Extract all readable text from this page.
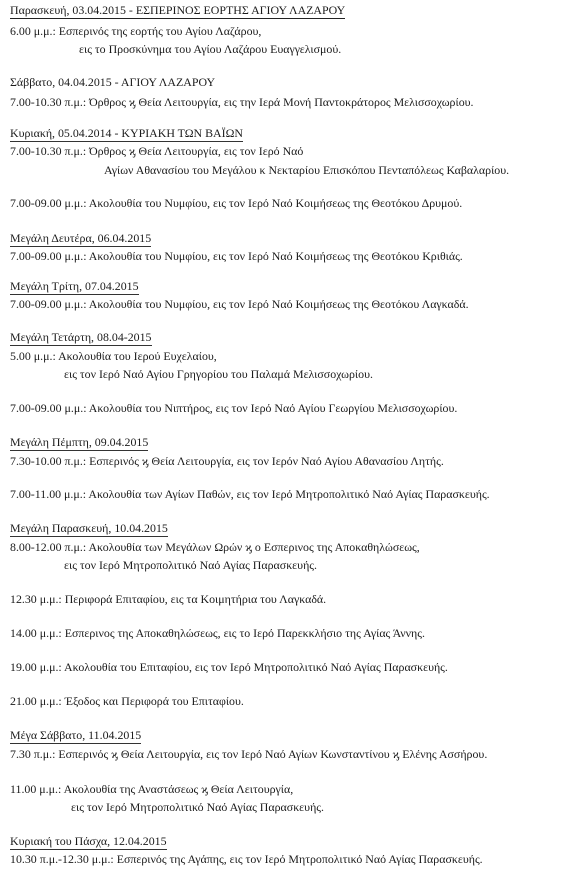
Παρασκευή, 03.04.2015 - ΕΣΠΕΡΙΝΟΣ ΕΟΡΤΗΣ ΑΓΙΟΥ ΛΑΖΑΡΟΥ
6.00 μ.μ.: Εσπερινός της εορτής του Αγίου Λαζάρου,
εις το Προσκύνημα του Αγίου Λαζάρου Ευαγγελισμού.
Σάββατο, 04.04.2015 - ΑΓΙΟΥ ΛΑΖΑΡΟΥ
7.00-10.30 π.μ.: Όρθρος ϗ Θεία Λειτουργία, εις την Ιερά Μονή Παντοκράτορος Μελισσοχωρίου.
Κυριακή, 05.04.2014 - ΚΥΡΙΑΚΗ ΤΩΝ ΒΑΪΩΝ
7.00-10.30 π.μ.: Όρθρος ϗ Θεία Λειτουργία, εις τον Ιερό Ναό
Αγίων Αθανασίου του Μεγάλου κ Νεκταρίου Επισκόπου Πενταπόλεως Καβαλαρίου.
7.00-09.00 μ.μ.: Ακολουθία του Νυμφίου, εις τον Ιερό Ναό Κοιμήσεως της Θεοτόκου Δρυμού.
Μεγάλη Δευτέρα, 06.04.2015
7.00-09.00 μ.μ.: Ακολουθία του Νυμφίου, εις τον Ιερό Ναό Κοιμήσεως της Θεοτόκου Κριθιάς.
Μεγάλη Τρίτη, 07.04.2015
7.00-09.00 μ.μ.: Ακολουθία του Νυμφίου, εις τον Ιερό Ναό Κοιμήσεως της Θεοτόκου Λαγκαδά.
Μεγάλη Τετάρτη, 08.04-2015
5.00 μ.μ.: Ακολουθία του Ιερού Ευχελαίου,
εις τον Ιερό Ναό Αγίου Γρηγορίου του Παλαμά Μελισσοχωρίου.
7.00-09.00 μ.μ.: Ακολουθία του Νιπτήρος, εις τον Ιερό Ναό Αγίου Γεωργίου Μελισσοχωρίου.
Μεγάλη Πέμπτη, 09.04.2015
7.30-10.00 π.μ.: Εσπερινός ϗ Θεία Λειτουργία, εις τον Ιερόν Ναό Αγίου Αθανασίου Λητής.
7.00-11.00 μ.μ.: Ακολουθία των Αγίων Παθών, εις τον Ιερό Μητροπολιτικό Ναό Αγίας Παρασκευής.
Μεγάλη Παρασκευή, 10.04.2015
8.00-12.00 π.μ.: Ακολουθία των Μεγάλων Ωρών ϗ ο Εσπερινος της Αποκαθηλώσεως,
εις τον Ιερό Μητροπολιτικό Ναό Αγίας Παρασκευής.
12.30 μ.μ.: Περιφορά Επιταφίου, εις τα Κοιμητήρια του Λαγκαδά.
14.00 μ.μ.: Εσπερινος της Αποκαθηλώσεως, εις το Ιερό Παρεκκλήσιο της Αγίας Άννης.
19.00 μ.μ.: Ακολουθία του Επιταφίου, εις τον Ιερό Μητροπολιτικό Ναό Αγίας Παρασκευής.
21.00 μ.μ.: Έξοδος και Περιφορά του Επιταφίου.
Μέγα Σάββατο, 11.04.2015
7.30 π.μ.: Εσπερινός ϗ Θεία Λειτουργία, εις τον Ιερό Ναό Αγίων Κωνσταντίνου ϗ Ελένης Ασσήρου.
11.00 μ.μ.: Ακολουθία της Αναστάσεως ϗ Θεία Λειτουργία,
εις τον Ιερό Μητροπολιτικό Ναό Αγίας Παρασκευής.
Κυριακή του Πάσχα, 12.04.2015
10.30 π.μ.-12.30 μ.μ.: Εσπερινός της Αγάπης, εις τον Ιερό Μητροπολιτικό Ναό Αγίας Παρασκευής.
